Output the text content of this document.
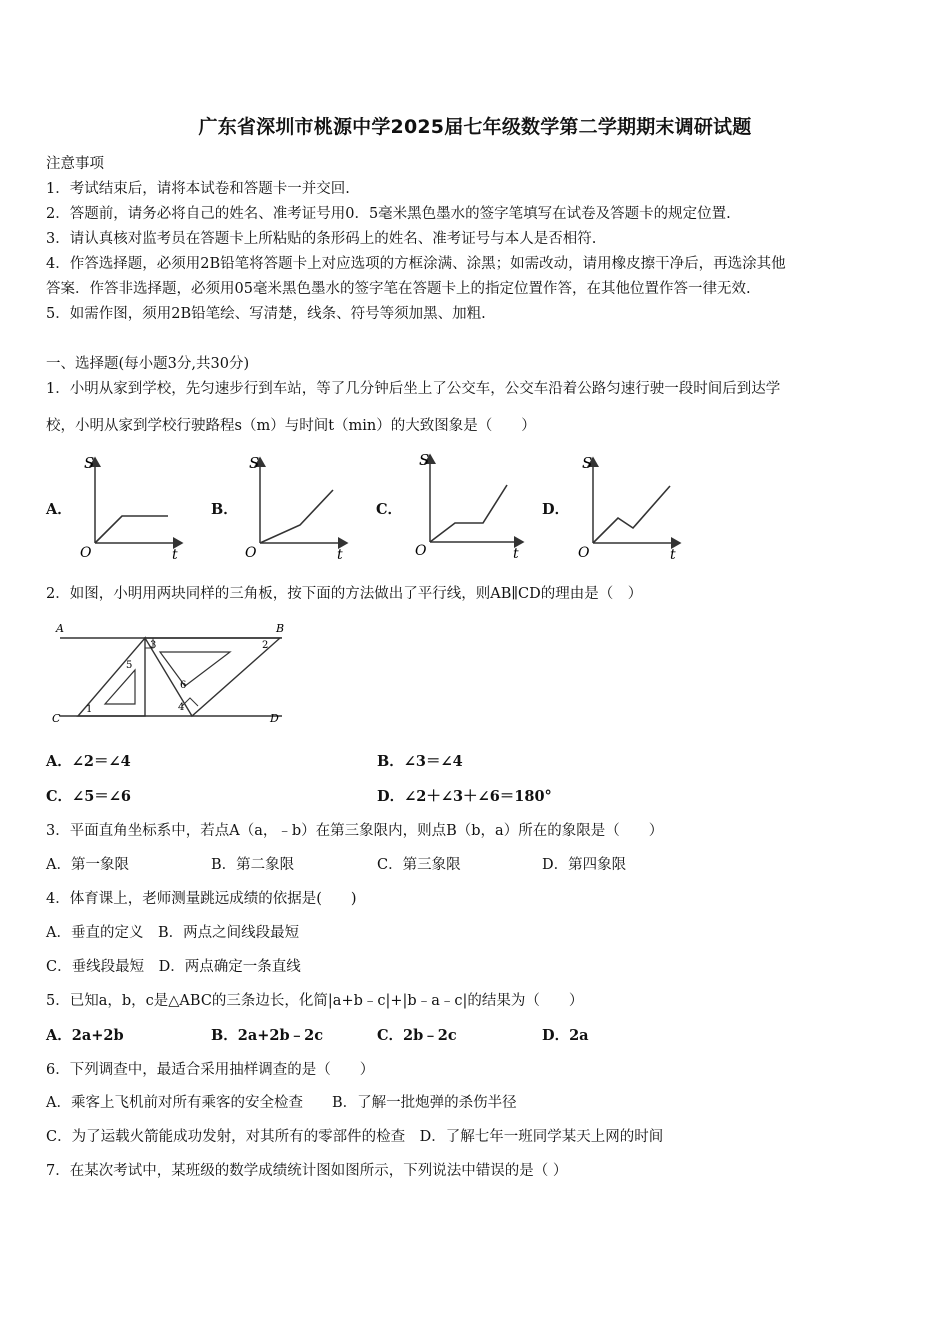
广东省深圳市桃源中学2025届七年级数学第二学期期末调研试题
注意事项
1．考试结束后，请将本试卷和答题卡一并交回.
2．答题前，请务必将自己的姓名、准考证号用0．5毫米黑色墨水的签字笔填写在试卷及答题卡的规定位置.
3．请认真核对监考员在答题卡上所粘贴的条形码上的姓名、准考证号与本人是否相符.
4．作答选择题，必须用2B铅笔将答题卡上对应选项的方框涂满、涂黑；如需改动，请用橡皮擦干净后，再选涂其他
答案．作答非选择题，必须用05毫米黑色墨水的签字笔在答题卡上的指定位置作答，在其他位置作答一律无效.
5．如需作图，须用2B铅笔绘、写清楚，线条、符号等须加黑、加粗.
一、选择题(每小题3分,共30分)
1．小明从家到学校，先匀速步行到车站，等了几分钟后坐上了公交车，公交车沿着公路匀速行驶一段时间后到达学
校，小明从家到学校行驶路程s（m）与时间t（min）的大致图象是（　　）
A．	B．	C．	D．
S
t
O
S
t
O
S
t
O
S
t
O
2．如图，小明用两块同样的三角板，按下面的方法做出了平行线，则AB∥CD的理由是（　）
A	B
C	D
1
2
3
4
5
6
A．∠2＝∠4	B．∠3＝∠4
C．∠5＝∠6	D．∠2＋∠3＋∠6＝180°
3．平面直角坐标系中，若点A（a，﹣b）在第三象限内，则点B（b，a）所在的象限是（　　）
A．第一象限	B．第二象限	C．第三象限	D．第四象限
4．体育课上，老师测量跳远成绩的依据是(　　)
A．垂直的定义　B．两点之间线段最短
C．垂线段最短　D．两点确定一条直线
5．已知a，b，c是△ABC的三条边长，化简|a+b﹣c|+|b﹣a﹣c|的结果为（　　）
A．2a+2b	B．2a+2b﹣2c	C．2b﹣2c	D．2a
6．下列调查中，最适合采用抽样调查的是（　　）
A．乘客上飞机前对所有乘客的安全检查　　B．了解一批炮弹的杀伤半径
C．为了运载火箭能成功发射，对其所有的零部件的检查　D．了解七年一班同学某天上网的时间
7．在某次考试中，某班级的数学成绩统计图如图所示，下列说法中错误的是（ ）
